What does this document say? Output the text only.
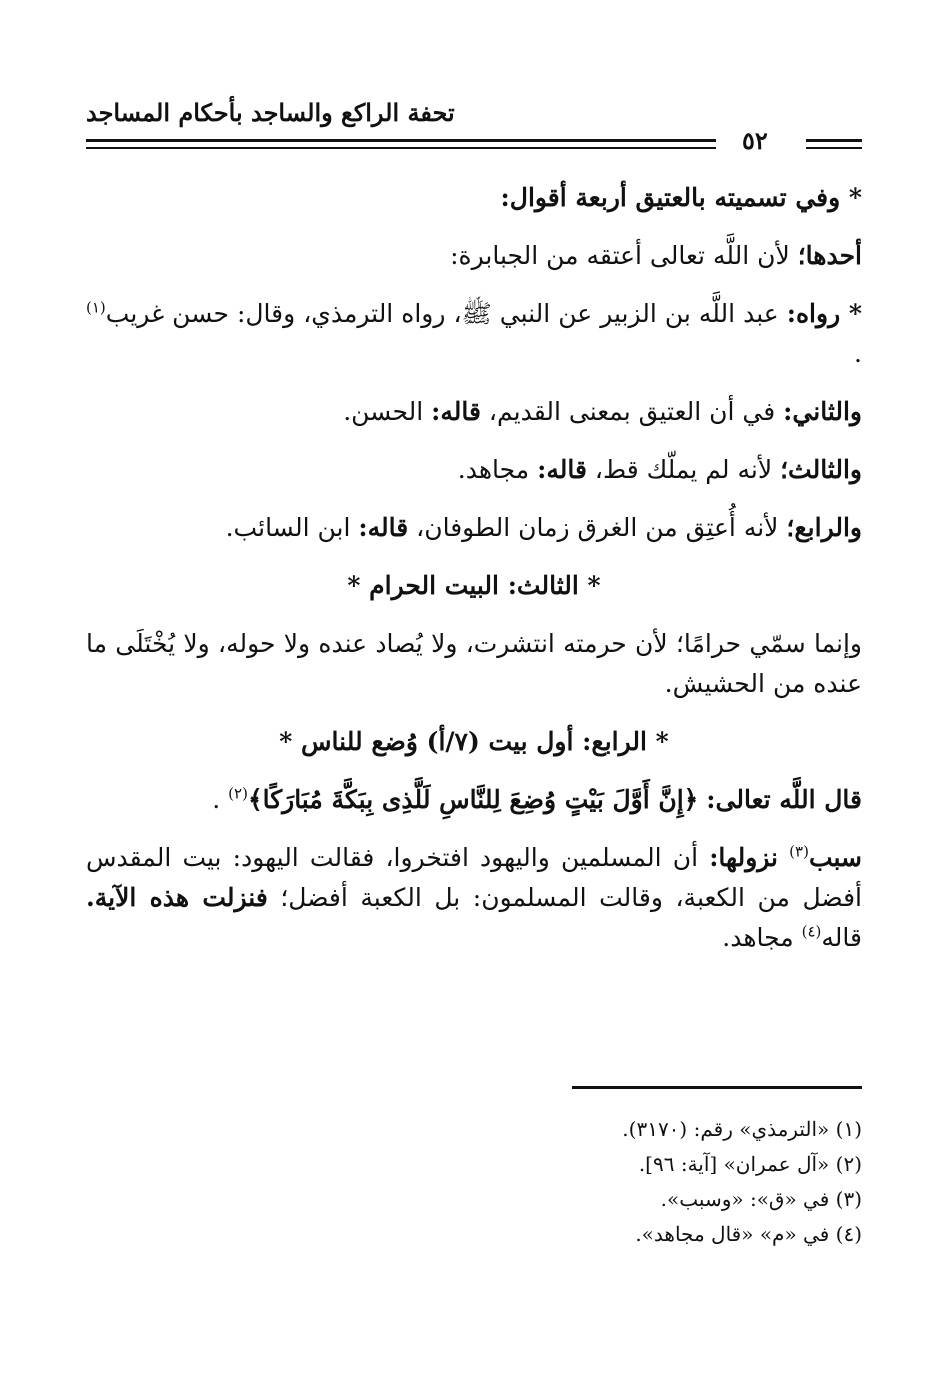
تحفة الراكع والساجد بأحكام المساجد
٥٢

* وفي تسميته بالعتيق أربعة أقوال:

أحدها؛ لأن اللَّه تعالى أعتقه من الجبابرة:

* رواه: عبد اللَّه بن الزبير عن النبي ﷺ، رواه الترمذي، وقال: حسن غريب$^{(١)}$ .

والثاني: في أن العتيق بمعنى القديم، قاله: الحسن.

والثالث؛ لأنه لم يملّك قط، قاله: مجاهد.

والرابع؛ لأنه أُعتِق من الغرق زمان الطوفان، قاله: ابن السائب.

* الثالث: البيت الحرام *

وإنما سمّي حرامًا؛ لأن حرمته انتشرت، ولا يُصاد عنده ولا حوله، ولا يُخْتَلَى ما عنده من الحشيش.

* الرابع: أول بيت (٧/أ) وُضع للناس *

قال اللَّه تعالى: ﴿إِنَّ أَوَّلَ بَيْتٍ وُضِعَ لِلنَّاسِ لَلَّذِى بِبَكَّةَ مُبَارَكًا﴾$^{(٢)}$ .

سبب$^{(٣)}$ نزولها: أن المسلمين واليهود افتخروا، فقالت اليهود: بيت المقدس أفضل من الكعبة، وقالت المسلمون: بل الكعبة أفضل؛ فنزلت هذه الآية. قاله$^{(٤)}$ مجاهد.

(١) «الترمذي» رقم: (٣١٧٠).
(٢) «آل عمران» [آية: ٩٦].
(٣) في «ق»: «وسبب».
(٤) في «م» «قال مجاهد».
